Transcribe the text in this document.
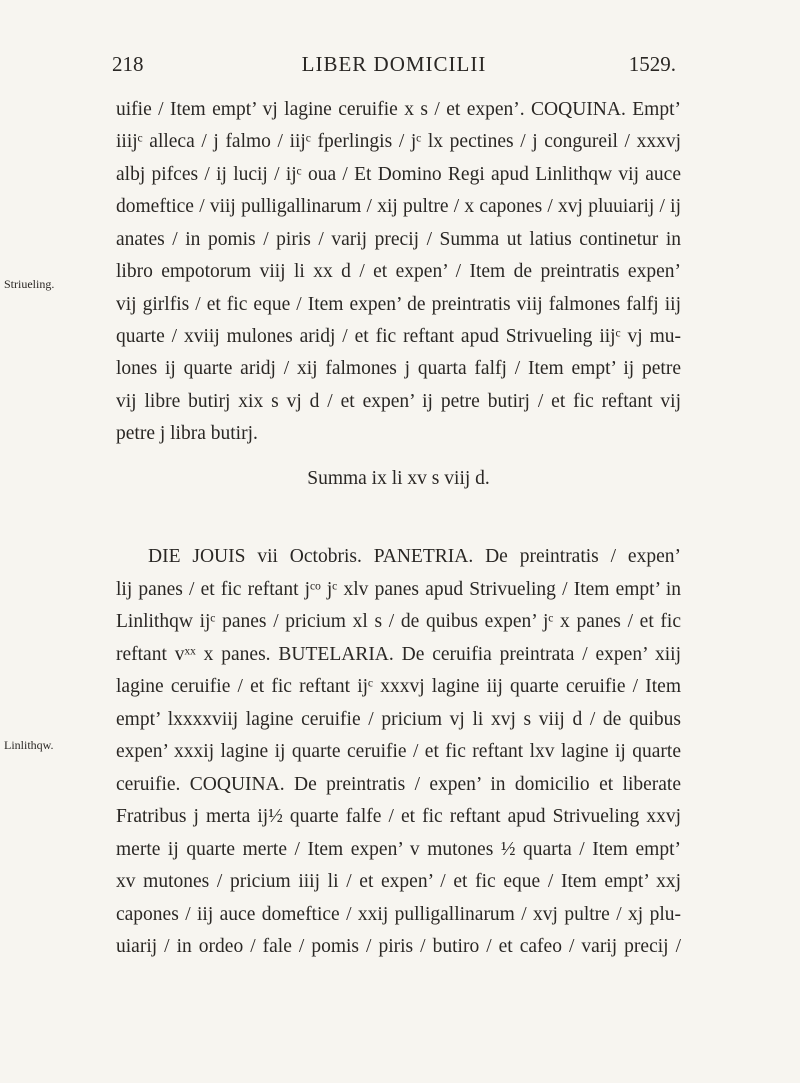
218	LIBER DOMICILII	1529.
Striueling.
Linlithqw.
uifie / Item empt’ vj lagine ceruifie x s / et expen’. COQUINA. Empt’
iiijᶜ alleca / j falmo / iijᶜ fperlingis / jᶜ lx pectines / j congureil / xxxvj
albj pifces / ij lucij / ijᶜ oua / Et Domino Regi apud Linlithqw vij auce
domeftice / viij pulligallinarum / xij pultre / x capones / xvj pluuiarij / ij
anates / in pomis / piris / varij precij / Summa ut latius continetur in
libro empotorum viij li xx d / et expen’ / Item de preintratis expen’
vij girlfis / et fic eque / Item expen’ de preintratis viij falmones falfj iij
quarte / xviij mulones aridj / et fic reftant apud Strivueling iijᶜ vj mu-
lones ij quarte aridj / xij falmones j quarta falfj / Item empt’ ij petre
vij libre butirj xix s vj d / et expen’ ij petre butirj / et fic reftant vij
petre j libra butirj.
Summa ix li xv s viij d.
DIE JOUIS vii Octobris. PANETRIA. De preintratis / expen’
lij panes / et fic reftant jᶜᵒ jᶜ xlv panes apud Strivueling / Item empt’ in
Linlithqw ijᶜ panes / pricium xl s / de quibus expen’ jᶜ x panes / et fic
reftant vˣˣ x panes. BUTELARIA. De ceruifia preintrata / expen’ xiij
lagine ceruifie / et fic reftant ijᶜ xxxvj lagine iij quarte ceruifie / Item
empt’ lxxxxviij lagine ceruifie / pricium vj li xvj s viij d / de quibus
expen’ xxxij lagine ij quarte ceruifie / et fic reftant lxv lagine ij quarte
ceruifie. COQUINA. De preintratis / expen’ in domicilio et liberate
Fratribus j merta ij½ quarte falfe / et fic reftant apud Strivueling xxvj
merte ij quarte merte / Item expen’ v mutones ½ quarta / Item empt’
xv mutones / pricium iiij li / et expen’ / et fic eque / Item empt’ xxj
capones / iij auce domeftice / xxij pulligallinarum / xvj pultre / xj plu-
uiarij / in ordeo / fale / pomis / piris / butiro / et cafeo / varij precij /
